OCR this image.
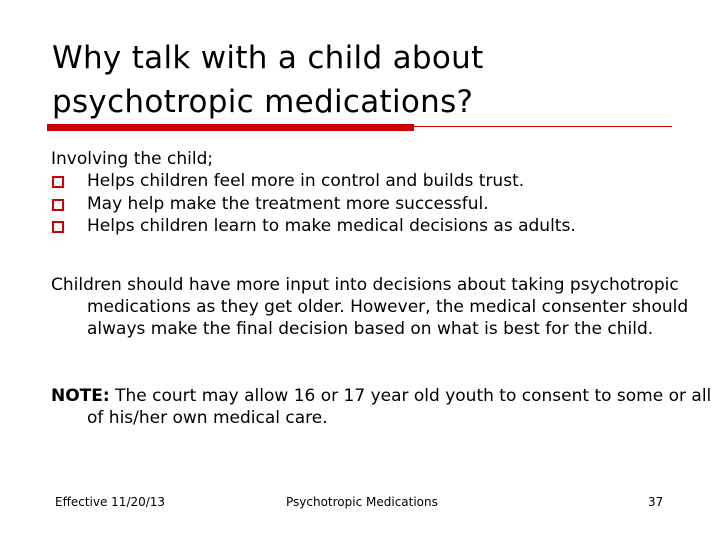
Why talk with a child about psychotropic medications?
Involving the child;
Helps children feel more in control and builds trust.
May help make the treatment more successful.
Helps children learn to make medical decisions as adults.
Children should have more input into decisions about taking psychotropic medications as they get older. However, the medical consenter should always make the final decision based on what is best for the child.
NOTE: The court may allow 16 or 17 year old youth to consent to some or all of his/her own medical care.
Effective 11/20/13	Psychotropic Medications	37
